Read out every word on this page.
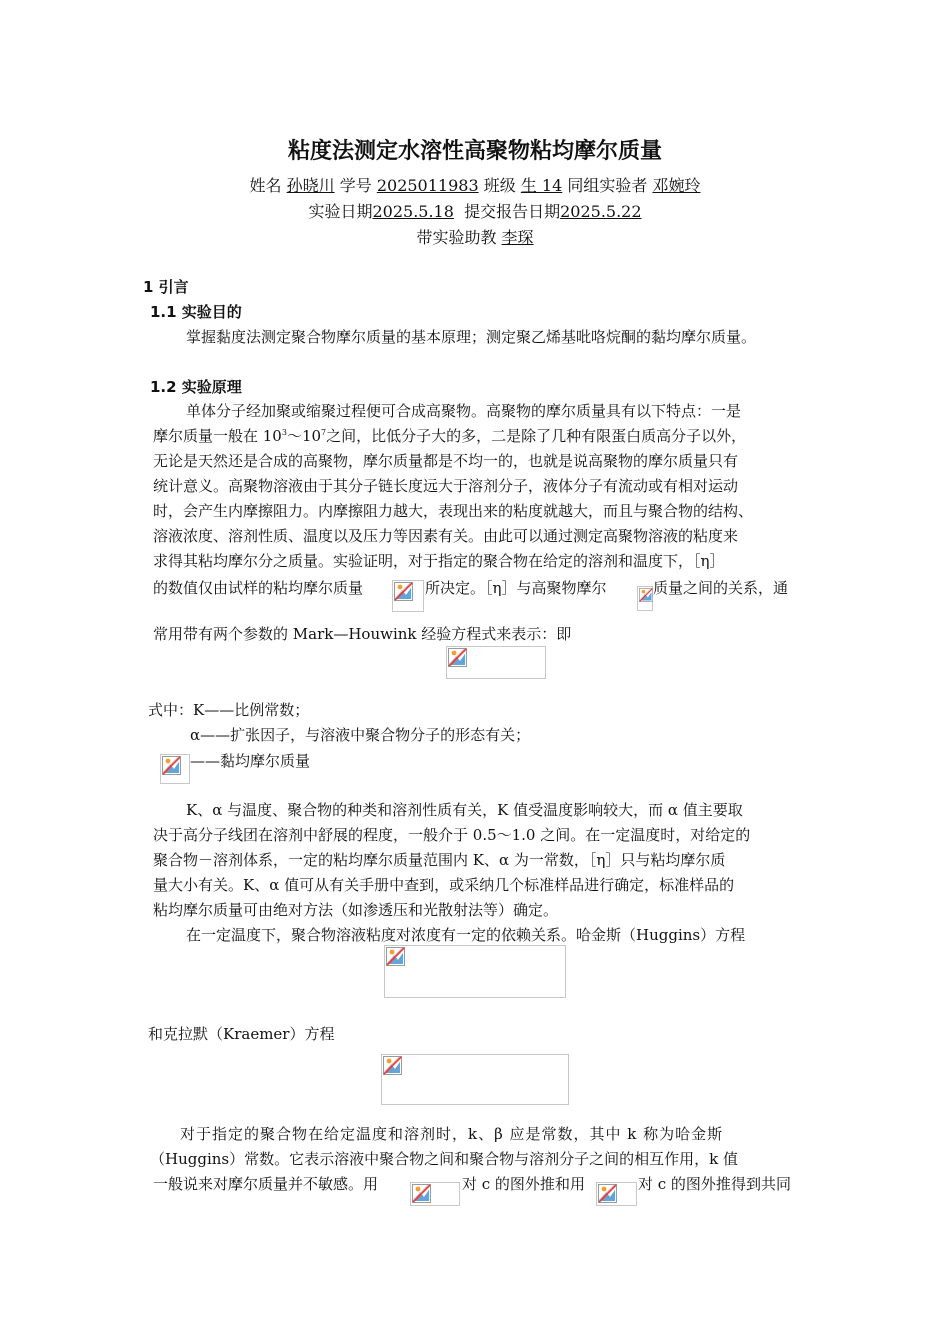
粘度法测定水溶性高聚物粘均摩尔质量
姓名 孙晓川 学号 2025011983 班级 生 14 同组实验者 邓婉玲
实验日期2025.5.18 提交报告日期2025.5.22
带实验助教 李琛
1 引言
1.1 实验目的
掌握黏度法测定聚合物摩尔质量的基本原理；测定聚乙烯基吡咯烷酮的黏均摩尔质量。
1.2 实验原理
单体分子经加聚或缩聚过程便可合成高聚物。高聚物的摩尔质量具有以下特点：一是
摩尔质量一般在 $10^3\sim 10^7$之间，比低分子大的多，二是除了几种有限蛋白质高分子以外，
无论是天然还是合成的高聚物，摩尔质量都是不均一的，也就是说高聚物的摩尔质量只有
统计意义。高聚物溶液由于其分子链长度远大于溶剂分子，液体分子有流动或有相对运动
时，会产生内摩擦阻力。内摩擦阻力越大，表现出来的粘度就越大，而且与聚合物的结构、
溶液浓度、溶剂性质、温度以及压力等因素有关。由此可以通过测定高聚物溶液的粘度来
求得其粘均摩尔分之质量。实验证明，对于指定的聚合物在给定的溶剂和温度下，［η］
的数值仅由试样的粘均摩尔质量	所决定。［η］与高聚物摩尔	质量之间的关系，通
常用带有两个参数的 Mark—Houwink 经验方程式来表示：即
式中：K——比例常数；
α——扩张因子，与溶液中聚合物分子的形态有关；
——黏均摩尔质量
K、α 与温度、聚合物的种类和溶剂性质有关，K 值受温度影响较大，而 α 值主要取
决于高分子线团在溶剂中舒展的程度，一般介于 0.5～1.0 之间。在一定温度时，对给定的
聚合物－溶剂体系，一定的粘均摩尔质量范围内 K、α 为一常数，［η］只与粘均摩尔质
量大小有关。K、α 值可从有关手册中查到，或采纳几个标准样品进行确定，标准样品的
粘均摩尔质量可由绝对方法（如渗透压和光散射法等）确定。
在一定温度下，聚合物溶液粘度对浓度有一定的依赖关系。哈金斯（Huggins）方程
和克拉默（Kraemer）方程
对于指定的聚合物在给定温度和溶剂时，k、β 应是常数，其中 k 称为哈金斯
（Huggins）常数。它表示溶液中聚合物之间和聚合物与溶剂分子之间的相互作用，k 值
一般说来对摩尔质量并不敏感。用	对 c 的图外推和用	对 c 的图外推得到共同
